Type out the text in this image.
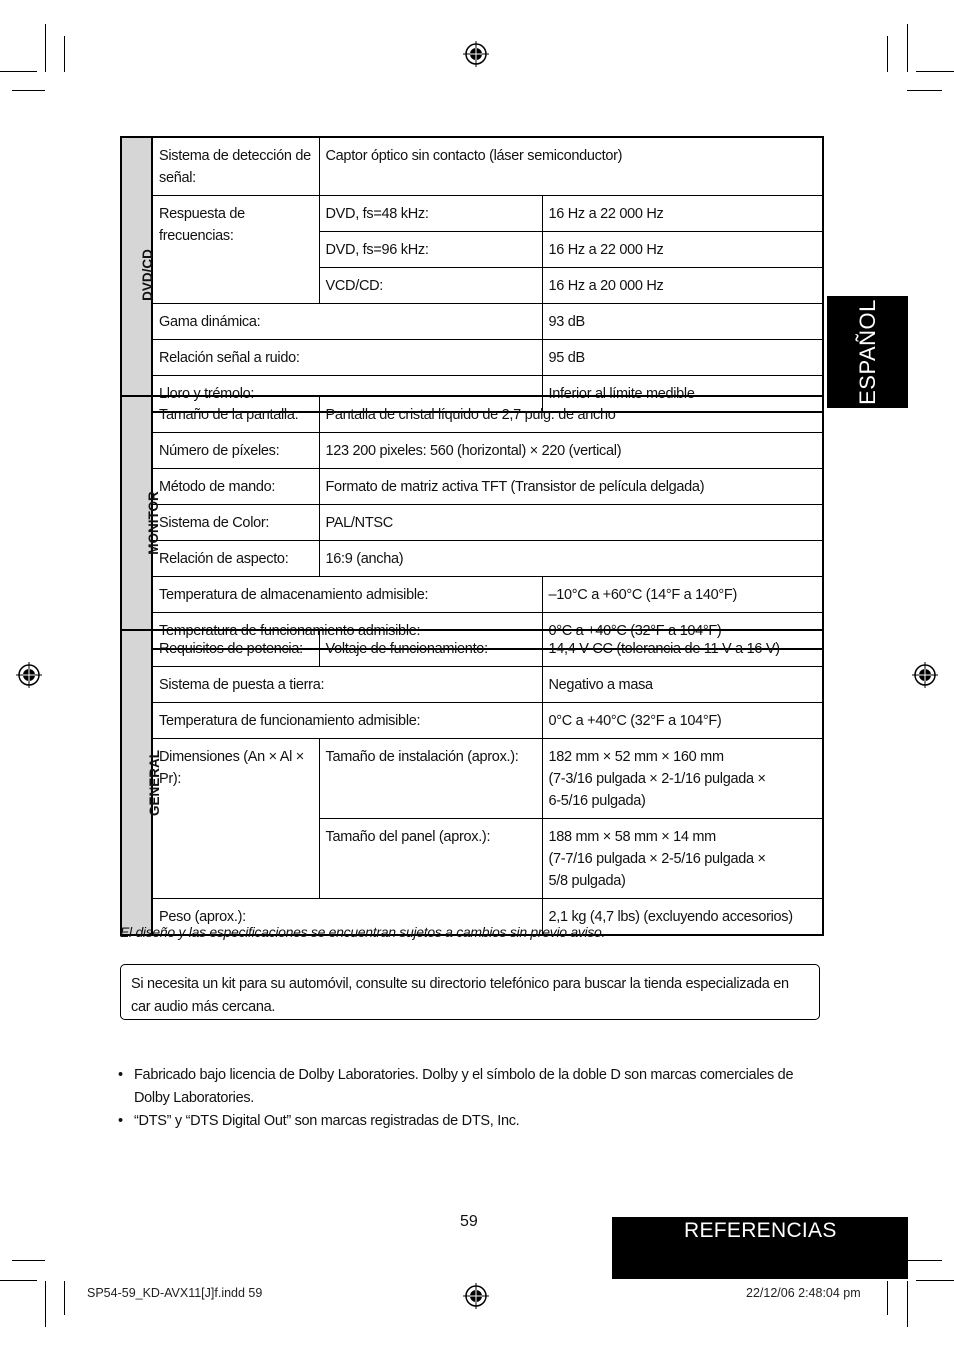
ESPAÑOL
DVD/CD	Sistema de detección de señal:	Captor óptico sin contacto (láser semiconductor)	
	Respuesta de frecuencias:	DVD, fs=48 kHz:	16 Hz a 22 000 Hz
		DVD, fs=96 kHz:	16 Hz a 22 000 Hz
		VCD/CD:	16 Hz a 20 000 Hz
	Gama dinámica:		93 dB
	Relación señal a ruido:		95 dB
	Lloro y trémolo:		Inferior al límite medible
MONITOR	Tamaño de la pantalla:	Pantalla de cristal líquido de 2,7 pulg. de ancho	
	Número de píxeles:	123 200 pixeles: 560 (horizontal) × 220 (vertical)	
	Método de mando:	Formato de matriz activa TFT (Transistor de película delgada)	
	Sistema de Color:	PAL/NTSC	
	Relación de aspecto:	16:9 (ancha)	
	Temperatura de almacenamiento admisible:		–10°C a +60°C (14°F a 140°F)
	Temperatura de funcionamiento admisible:		0°C a +40°C (32°F a 104°F)
GENERAL	Requisitos de potencia:	Voltaje de funcionamiento:	14,4 V CC (tolerancia de 11 V a 16 V)
	Sistema de puesta a tierra:		Negativo a masa
	Temperatura de funcionamiento admisible:		0°C a +40°C (32°F a 104°F)
	Dimensiones (An × Al × Pr):	Tamaño de instalación (aprox.):	182 mm × 52 mm × 160 mm
(7-3/16 pulgada × 2-1/16 pulgada ×
6-5/16 pulgada)

		Tamaño del panel (aprox.):	188 mm × 58 mm × 14 mm
(7-7/16 pulgada × 2-5/16 pulgada ×
5/8 pulgada)

	Peso (aprox.):		2,1 kg (4,7 lbs) (excluyendo accesorios)
El diseño y las especificaciones se encuentran sujetos a cambios sin previo aviso.
Si necesita un kit para su automóvil, consulte su directorio telefónico para buscar la tienda especializada en car audio más cercana.
• Fabricado bajo licencia de Dolby Laboratories. Dolby y el símbolo de la doble D son marcas comerciales de Dolby Laboratories.
• “DTS” y “DTS Digital Out” son marcas registradas de DTS, Inc.
59	REFERENCIAS
SP54-59_KD-AVX11[J]f.indd 59	22/12/06 2:48:04 pm
